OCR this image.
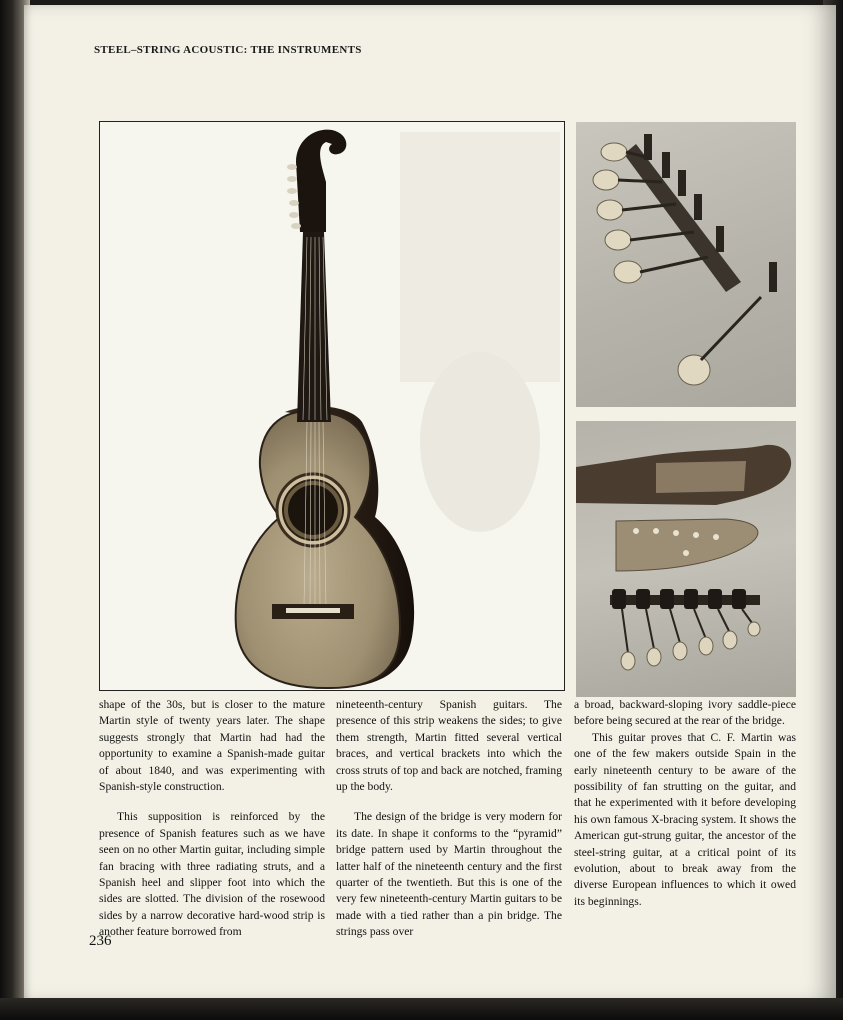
STEEL–STRING ACOUSTIC: THE INSTRUMENTS

shape of the 30s, but is closer to the mature Martin style of twenty years later. The shape suggests strongly that Martin had had the opportunity to examine a Spanish-made guitar of about 1840, and was experimenting with Spanish-style construction.

This supposition is reinforced by the presence of Spanish features such as we have seen on no other Martin guitar, including simple fan bracing with three radiating struts, and a Spanish heel and slipper foot into which the sides are slotted. The division of the rosewood sides by a narrow decorative hard-wood strip is another feature borrowed from

nineteenth-century Spanish guitars. The presence of this strip weakens the sides; to give them strength, Martin fitted several vertical braces, and vertical brackets into which the cross struts of top and back are notched, framing up the body.

The design of the bridge is very modern for its date. In shape it conforms to the “pyramid” bridge pattern used by Martin throughout the latter half of the nineteenth century and the first quarter of the twentieth. But this is one of the very few nineteenth-century Martin guitars to be made with a tied rather than a pin bridge. The strings pass over

a broad, backward-sloping ivory saddle-piece before being secured at the rear of the bridge.

This guitar proves that C. F. Martin was one of the few makers outside Spain in the early nineteenth century to be aware of the possibility of fan strutting on the guitar, and that he experimented with it before developing his own famous X-bracing system. It shows the American gut-strung guitar, the ancestor of the steel-string guitar, at a critical point of its evolution, about to break away from the diverse European influences to which it owed its beginnings.

236
